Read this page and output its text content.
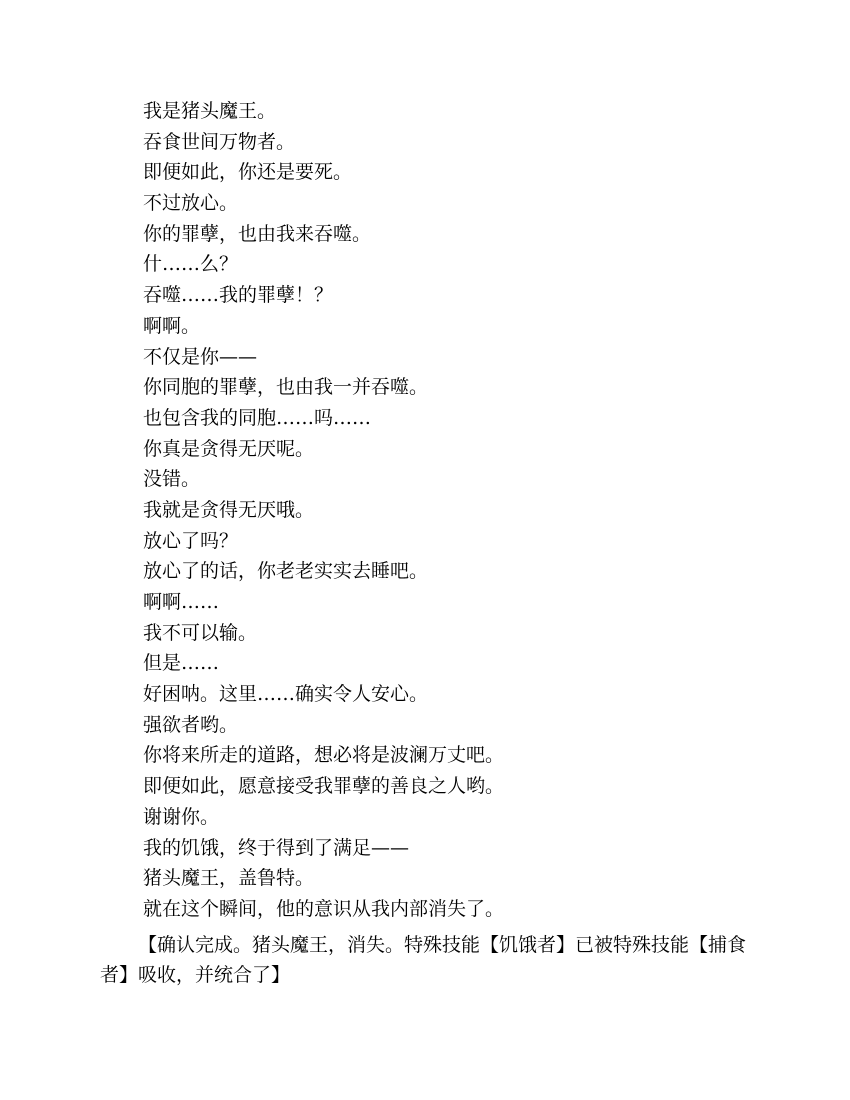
我是猪头魔王。
吞食世间万物者。
即便如此，你还是要死。
不过放心。
你的罪孽，也由我来吞噬。
什……么？
吞噬……我的罪孽！？
啊啊。
不仅是你——
你同胞的罪孽，也由我一并吞噬。
也包含我的同胞……吗……
你真是贪得无厌呢。
没错。
我就是贪得无厌哦。
放心了吗？
放心了的话，你老老实实去睡吧。
啊啊……
我不可以输。
但是……
好困呐。这里……确实令人安心。
强欲者哟。
你将来所走的道路，想必将是波澜万丈吧。
即便如此，愿意接受我罪孽的善良之人哟。
谢谢你。
我的饥饿，终于得到了满足——
猪头魔王，盖鲁特。
就在这个瞬间，他的意识从我内部消失了。

【确认完成。猪头魔王，消失。特殊技能【饥饿者】已被特殊技能【捕食者】吸收，并统合了】
